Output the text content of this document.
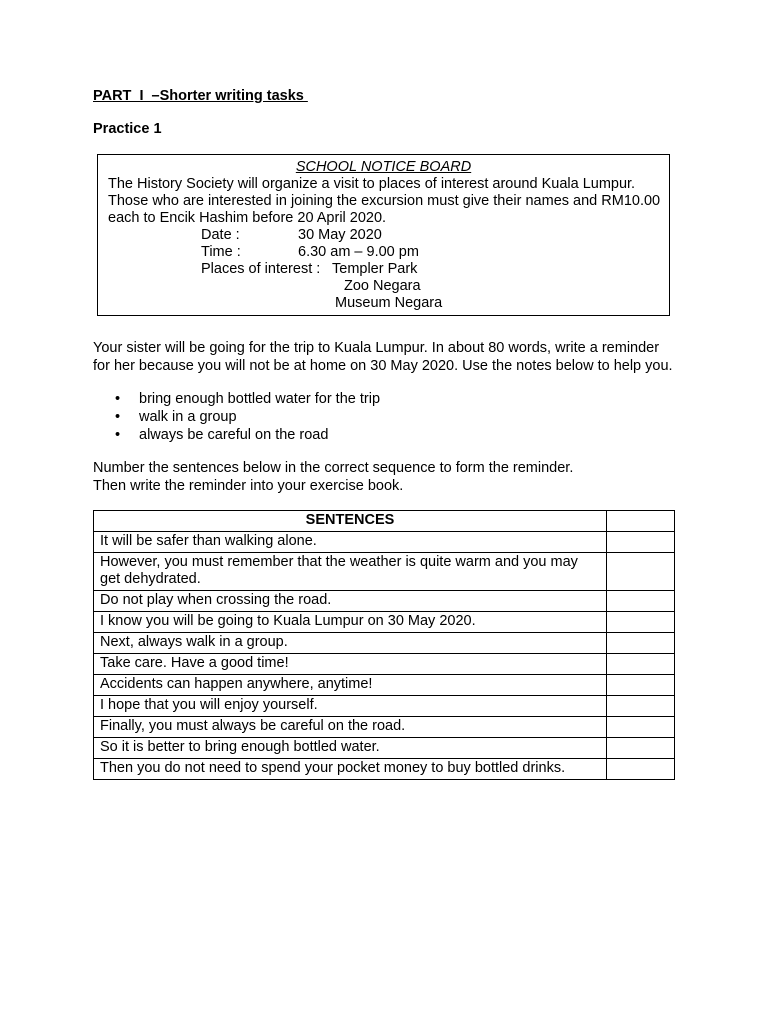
PART  I  –Shorter writing tasks
Practice 1
SCHOOL NOTICE BOARD
The History Society will organize a visit to places of interest around Kuala Lumpur. Those who are interested in joining the excursion must give their names and RM10.00 each to Encik Hashim before 20 April 2020.
Date :	30 May 2020
Time :	6.30 am – 9.00 pm
Places of interest : Templer Park
Zoo Negara
Museum Negara
Your sister will be going for the trip to Kuala Lumpur. In about 80 words, write a reminder for her because you will not be at home on 30 May 2020. Use the notes below to help you.
• bring enough bottled water for the trip
• walk in a group
• always be careful on the road
Number the sentences below in the correct sequence to form the reminder.
Then write the reminder into your exercise book.
SENTENCES	
It will be safer than walking alone.	
However, you must remember that the weather is quite warm and you may get dehydrated.	
Do not play when crossing the road.	
I know you will be going to Kuala Lumpur on 30 May 2020.	
Next, always walk in a group.	
Take care. Have a good time!	
Accidents can happen anywhere, anytime!	
I hope that you will enjoy yourself.	
Finally, you must always be careful on the road.	
So it is better to bring enough bottled water.	
Then you do not need to spend your pocket money to buy bottled drinks.	
